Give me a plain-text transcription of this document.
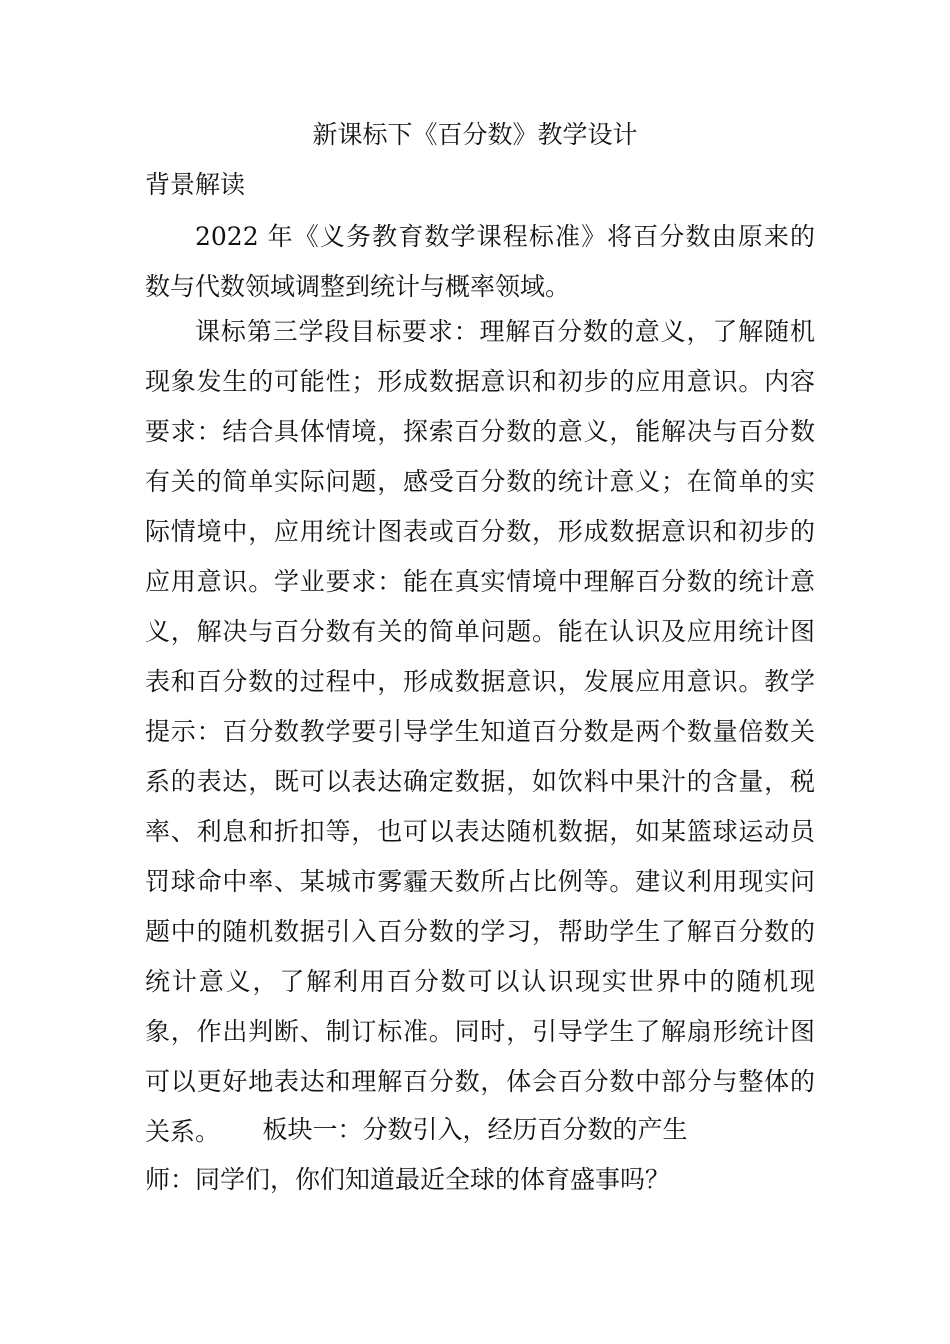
新课标下《百分数》教学设计

背景解读

2022 年《义务教育数学课程标准》将百分数由原来的数与代数领域调整到统计与概率领域。

课标第三学段目标要求：理解百分数的意义，了解随机现象发生的可能性；形成数据意识和初步的应用意识。内容要求：结合具体情境，探索百分数的意义，能解决与百分数有关的简单实际问题，感受百分数的统计意义；在简单的实际情境中，应用统计图表或百分数，形成数据意识和初步的应用意识。学业要求：能在真实情境中理解百分数的统计意义，解决与百分数有关的简单问题。能在认识及应用统计图表和百分数的过程中，形成数据意识，发展应用意识。教学提示：百分数教学要引导学生知道百分数是两个数量倍数关系的表达，既可以表达确定数据，如饮料中果汁的含量，税率、利息和折扣等，也可以表达随机数据，如某篮球运动员罚球命中率、某城市雾霾天数所占比例等。建议利用现实问题中的随机数据引入百分数的学习，帮助学生了解百分数的统计意义，了解利用百分数可以认识现实世界中的随机现象，作出判断、制订标准。同时，引导学生了解扇形统计图可以更好地表达和理解百分数，体会百分数中部分与整体的关系。	板块一：分数引入，经历百分数的产生

师：同学们，你们知道最近全球的体育盛事吗？
